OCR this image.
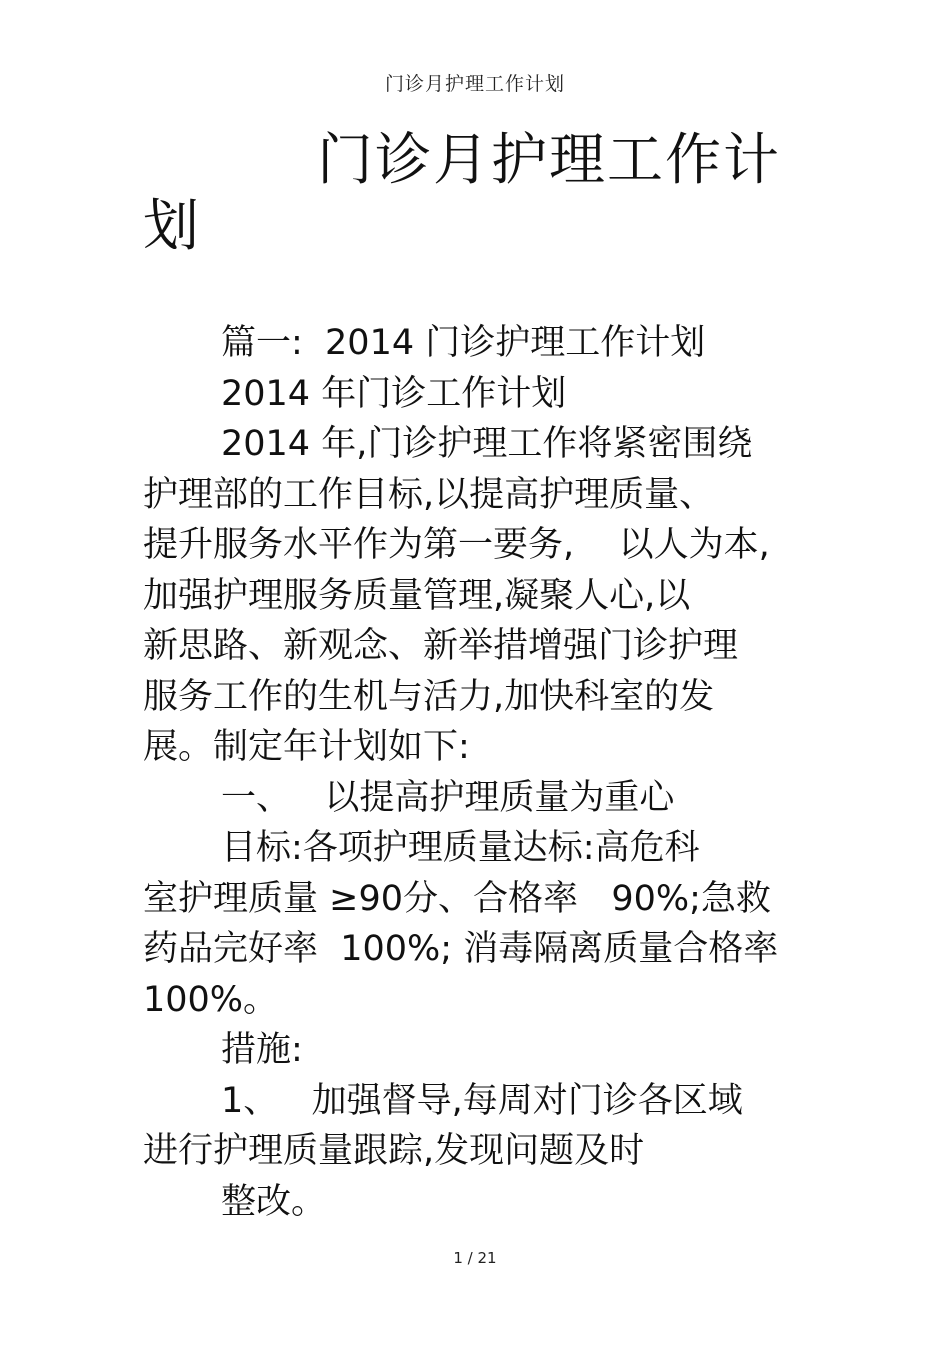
门诊月护理工作计划
门诊月护理工作计划

篇一:  2014 门诊护理工作计划

2014 年门诊工作计划

2014 年,门诊护理工作将紧密围绕

护理部的工作目标,以提高护理质量、

提升服务水平作为第一要务,    以人为本,

加强护理服务质量管理,凝聚人心,以

新思路、新观念、新举措增强门诊护理

服务工作的生机与活力,加快科室的发

展。制定年计划如下:

一、   以提高护理质量为重心

目标:各项护理质量达标:高危科

室护理质量 ≥90分、合格率   90%;急救

药品完好率  100%; 消毒隔离质量合格率

100%。

措施:

1、   加强督导,每周对门诊各区域

进行护理质量跟踪,发现问题及时

整改。

1 / 21
